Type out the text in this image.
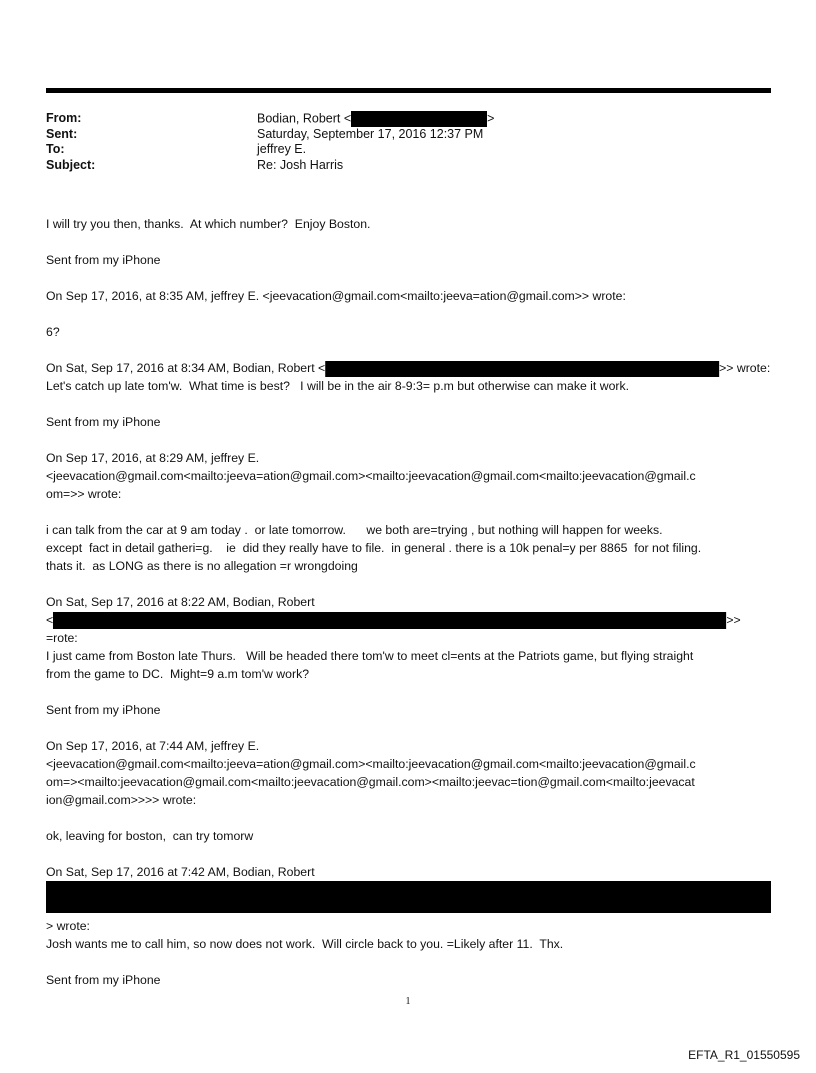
From:	Bodian, Robert <	>
Sent:	Saturday, September 17, 2016 12:37 PM
To:	jeffrey E.
Subject:	Re: Josh Harris
I will try you then, thanks.  At which number?  Enjoy Boston.
Sent from my iPhone
On Sep 17, 2016, at 8:35 AM, jeffrey E. <jeevacation@gmail.com<mailto:jeeva=ation@gmail.com>> wrote:
6?
On Sat, Sep 17, 2016 at 8:34 AM, Bodian, Robert <	>> wrote:
Let's catch up late tom'w.  What time is best?   I will be in the air 8-9:3= p.m but otherwise can make it work.
Sent from my iPhone
On Sep 17, 2016, at 8:29 AM, jeffrey E.
<jeevacation@gmail.com<mailto:jeeva=ation@gmail.com><mailto:jeevacation@gmail.com<mailto:jeevacation@gmail.c
om=>> wrote:
i can talk from the car at 9 am today .  or late tomorrow.      we both are=trying , but nothing will happen for weeks.
except  fact in detail gatheri=g.    ie  did they really have to file.  in general . there is a 10k penal=y per 8865  for not filing.
thats it.  as LONG as there is no allegation =r wrongdoing
On Sat, Sep 17, 2016 at 8:22 AM, Bodian, Robert
<	>>
=rote:
I just came from Boston late Thurs.   Will be headed there tom'w to meet cl=ents at the Patriots game, but flying straight
from the game to DC.  Might=9 a.m tom'w work?
Sent from my iPhone
On Sep 17, 2016, at 7:44 AM, jeffrey E.
<jeevacation@gmail.com<mailto:jeeva=ation@gmail.com><mailto:jeevacation@gmail.com<mailto:jeevacation@gmail.c
om=><mailto:jeevacation@gmail.com<mailto:jeevacation@gmail.com><mailto:jeevac=tion@gmail.com<mailto:jeevacat
ion@gmail.com>>>> wrote:
ok, leaving for boston,  can try tomorw
On Sat, Sep 17, 2016 at 7:42 AM, Bodian, Robert
> wrote:
Josh wants me to call him, so now does not work.  Will circle back to you. =Likely after 11.  Thx.
Sent from my iPhone
1
EFTA_R1_01550595
